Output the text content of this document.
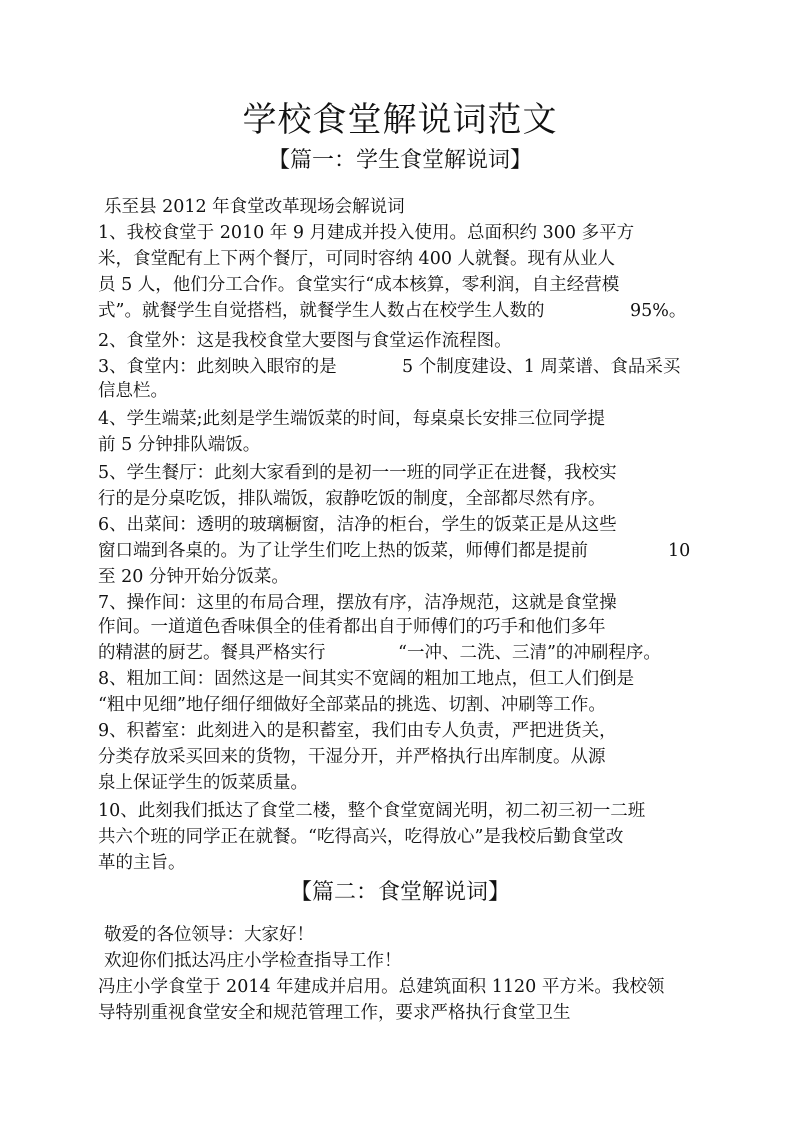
学校食堂解说词范文
【篇一：学生食堂解说词】
乐至县 2012 年食堂改革现场会解说词
1、我校食堂于 2010 年 9 月建成并投入使用。总面积约 300 多平方
米，食堂配有上下两个餐厅，可同时容纳 400 人就餐。现有从业人
员 5 人，他们分工合作。食堂实行“成本核算，零利润，自主经营模
式”。就餐学生自觉搭档，就餐学生人数占在校学生人数的	95%。
2、食堂外：这是我校食堂大要图与食堂运作流程图。
3、食堂内：此刻映入眼帘的是	5 个制度建设、1 周菜谱、食品采买
信息栏。
4、学生端菜;此刻是学生端饭菜的时间，每桌桌长安排三位同学提
前 5 分钟排队端饭。
5、学生餐厅：此刻大家看到的是初一一班的同学正在进餐，我校实
行的是分桌吃饭，排队端饭，寂静吃饭的制度，全部都尽然有序。
6、出菜间：透明的玻璃橱窗，洁净的柜台，学生的饭菜正是从这些
窗口端到各桌的。为了让学生们吃上热的饭菜，师傅们都是提前	10
至 20 分钟开始分饭菜。
7、操作间：这里的布局合理，摆放有序，洁净规范，这就是食堂操
作间。一道道色香味俱全的佳肴都出自于师傅们的巧手和他们多年
的精湛的厨艺。餐具严格实行	“一冲、二洗、三清”的冲刷程序。
8、粗加工间：固然这是一间其实不宽阔的粗加工地点，但工人们倒是
“粗中见细”地仔细仔细做好全部菜品的挑选、切割、冲刷等工作。
9、积蓄室：此刻进入的是积蓄室，我们由专人负责，严把进货关，
分类存放采买回来的货物，干湿分开，并严格执行出库制度。从源
泉上保证学生的饭菜质量。
10、此刻我们抵达了食堂二楼，整个食堂宽阔光明，初二初三初一二班
共六个班的同学正在就餐。“吃得高兴，吃得放心”是我校后勤食堂改
革的主旨。
【篇二：食堂解说词】
敬爱的各位领导：大家好！
欢迎你们抵达冯庄小学检查指导工作！
冯庄小学食堂于 2014 年建成并启用。总建筑面积 1120 平方米。我校领
导特别重视食堂安全和规范管理工作，要求严格执行食堂卫生
